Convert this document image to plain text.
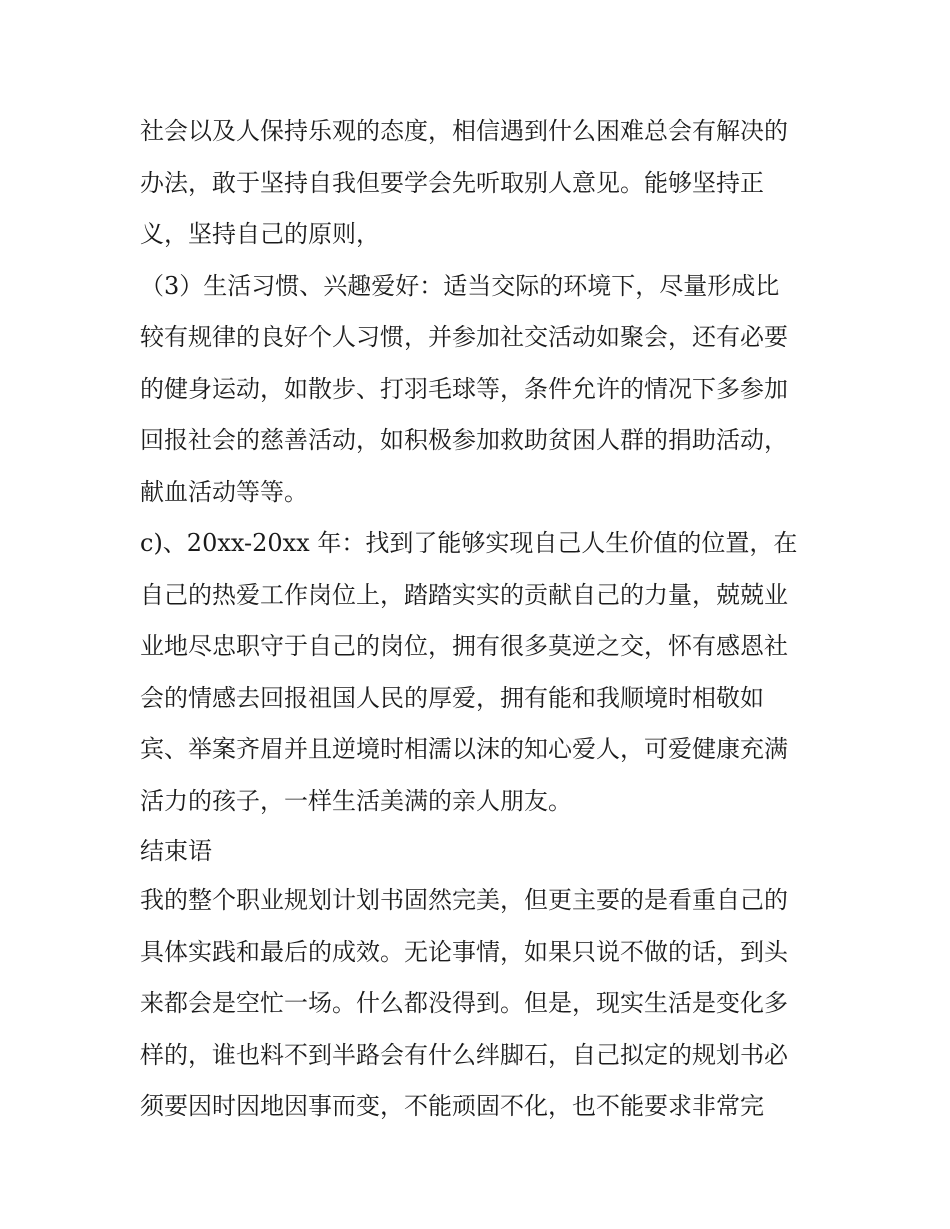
社会以及人保持乐观的态度，相信遇到什么困难总会有解决的
办法，敢于坚持自我但要学会先听取别人意见。能够坚持正
义，坚持自己的原则，
（3）生活习惯、兴趣爱好：适当交际的环境下，尽量形成比
较有规律的良好个人习惯，并参加社交活动如聚会，还有必要
的健身运动，如散步、打羽毛球等，条件允许的情况下多参加
回报社会的慈善活动，如积极参加救助贫困人群的捐助活动，
献血活动等等。
c)、20xx-20xx 年：找到了能够实现自己人生价值的位置，在
自己的热爱工作岗位上，踏踏实实的贡献自己的力量，兢兢业
业地尽忠职守于自己的岗位，拥有很多莫逆之交，怀有感恩社
会的情感去回报祖国人民的厚爱，拥有能和我顺境时相敬如
宾、举案齐眉并且逆境时相濡以沫的知心爱人，可爱健康充满
活力的孩子，一样生活美满的亲人朋友。
结束语
我的整个职业规划计划书固然完美，但更主要的是看重自己的
具体实践和最后的成效。无论事情，如果只说不做的话，到头
来都会是空忙一场。什么都没得到。但是，现实生活是变化多
样的，谁也料不到半路会有什么绊脚石，自己拟定的规划书必
须要因时因地因事而变，不能顽固不化，也不能要求非常完
